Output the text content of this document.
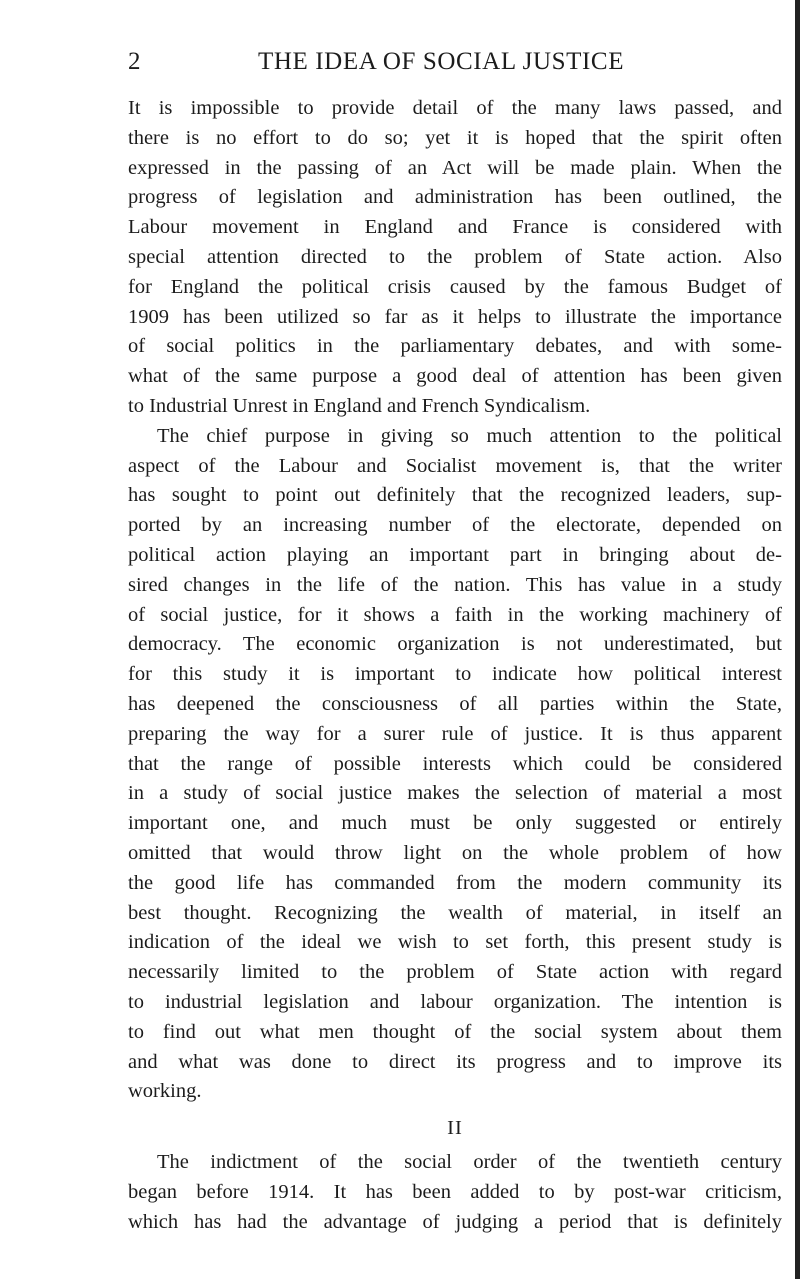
2	THE IDEA OF SOCIAL JUSTICE
It is impossible to provide detail of the many laws passed, and
there is no effort to do so; yet it is hoped that the spirit often
expressed in the passing of an Act will be made plain. When the
progress of legislation and administration has been outlined, the
Labour movement in England and France is considered with
special attention directed to the problem of State action. Also
for England the political crisis caused by the famous Budget of
1909 has been utilized so far as it helps to illustrate the importance
of social politics in the parliamentary debates, and with some-
what of the same purpose a good deal of attention has been given
to Industrial Unrest in England and French Syndicalism.
The chief purpose in giving so much attention to the political
aspect of the Labour and Socialist movement is, that the writer
has sought to point out definitely that the recognized leaders, sup-
ported by an increasing number of the electorate, depended on
political action playing an important part in bringing about de-
sired changes in the life of the nation. This has value in a study
of social justice, for it shows a faith in the working machinery of
democracy. The economic organization is not underestimated, but
for this study it is important to indicate how political interest
has deepened the consciousness of all parties within the State,
preparing the way for a surer rule of justice. It is thus apparent
that the range of possible interests which could be considered
in a study of social justice makes the selection of material a most
important one, and much must be only suggested or entirely
omitted that would throw light on the whole problem of how
the good life has commanded from the modern community its
best thought. Recognizing the wealth of material, in itself an
indication of the ideal we wish to set forth, this present study is
necessarily limited to the problem of State action with regard
to industrial legislation and labour organization. The intention is
to find out what men thought of the social system about them
and what was done to direct its progress and to improve its
working.
II
The indictment of the social order of the twentieth century
began before 1914. It has been added to by post-war criticism,
which has had the advantage of judging a period that is definitely
